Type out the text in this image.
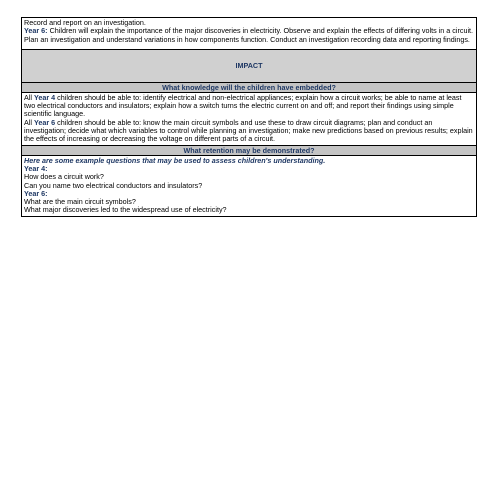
Record and report on an investigation.

Year 6: Children will explain the importance of the major discoveries in electricity. Observe and explain the effects of differing volts in a circuit. Plan an investigation and understand variations in how components function. Conduct an investigation recording data and reporting findings.

IMPACT
What knowledge will the children have embedded?

All Year 4 children should be able to: identify electrical and non-electrical appliances; explain how a circuit works; be able to name at least two electrical conductors and insulators; explain how a switch turns the electric current on and off; and report their findings using simple scientific language.

All Year 6 children should be able to: know the main circuit symbols and use these to draw circuit diagrams; plan and conduct an investigation; decide what which variables to control while planning an investigation; make new predictions based on previous results; explain the effects of increasing or decreasing the voltage on different parts of a circuit.

What retention may be demonstrated?

Here are some example questions that may be used to assess children's understanding.

Year 4:

How does a circuit work?

Can you name two electrical conductors and insulators?

Year 6:

What are the main circuit symbols?

What major discoveries led to the widespread use of electricity?
